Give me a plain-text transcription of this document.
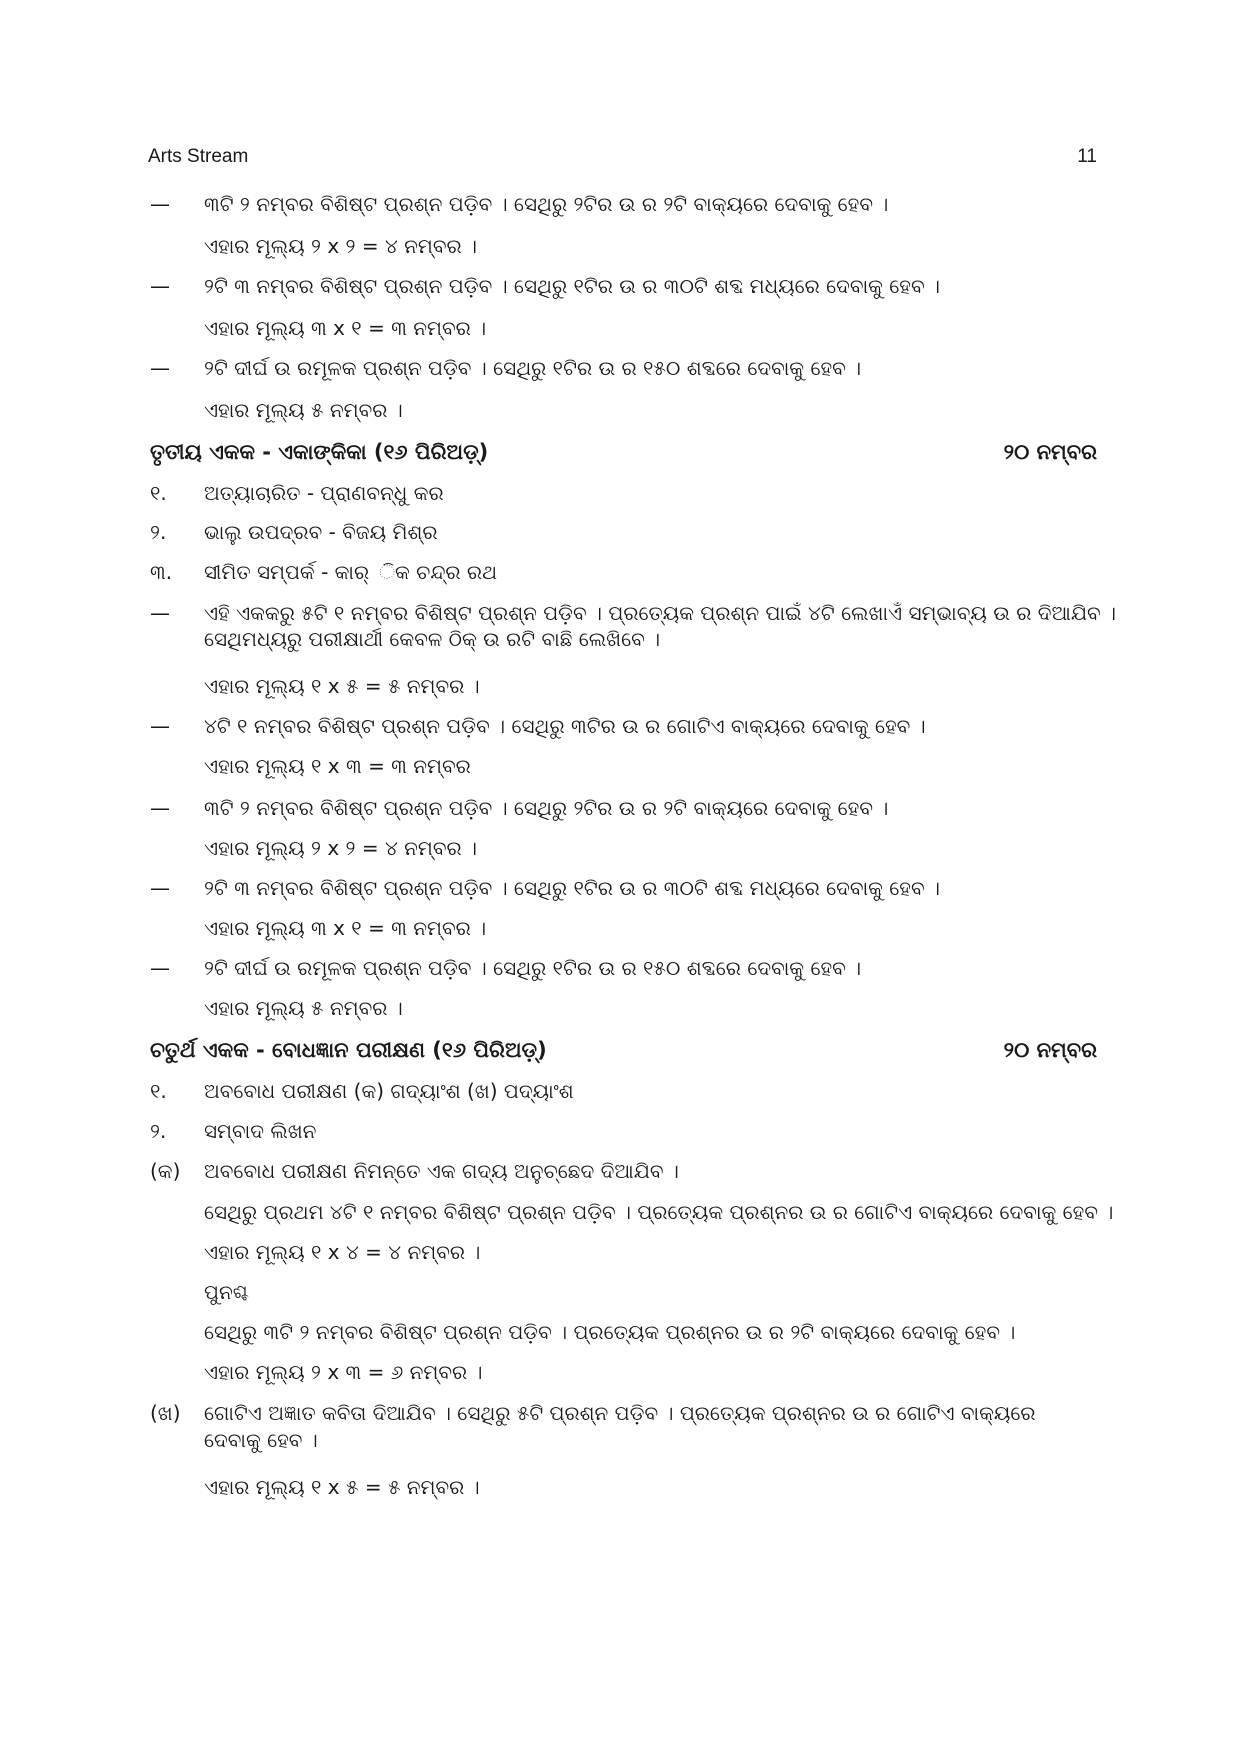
Arts Stream	11
— ୩ଟି ୨ ନମ୍ବର ବିଶିଷ୍ଟ ପ୍ରଶ୍ନ ପଡ଼ିବ । ସେଥିରୁ ୨ଟିର ଉ ର ୨ଟି ବାକ୍ୟରେ ଦେବାକୁ ହେବ ।
ଏହାର ମୂଲ୍ୟ ୨ x ୨ = ୪ ନମ୍ବର ।
— ୨ଟି ୩ ନମ୍ବର ବିଶିଷ୍ଟ ପ୍ରଶ୍ନ ପଡ଼ିବ । ସେଥିରୁ ୧ଟିର ଉ ର ୩୦ଟି ଶବ୍ଦ ମଧ୍ୟରେ ଦେବାକୁ ହେବ ।
ଏହାର ମୂଲ୍ୟ ୩ x ୧ = ୩ ନମ୍ବର ।
— ୨ଟି ଦୀର୍ଘ ଉ ରମୂଳକ ପ୍ରଶ୍ନ ପଡ଼ିବ । ସେଥିରୁ ୧ଟିର ଉ ର ୧୫୦ ଶବ୍ଦରେ ଦେବାକୁ ହେବ ।
ଏହାର ମୂଲ୍ୟ ୫ ନମ୍ବର ।
ତୃତୀୟ ଏକକ - ଏକାଙ୍କିକା (୧୬ ପିରିଅଡ଼୍)	୨୦ ନମ୍ବର
୧. ଅତ୍ୟାଚାରିତ - ପ୍ରାଣବନ୍ଧୁ କର
୨. ଭାଲୁ ଉପଦ୍ରବ - ବିଜୟ ମିଶ୍ର
୩. ସୀମିତ ସମ୍ପର୍କ - କାର୍ ିକ ଚନ୍ଦ୍ର ରଥ
— ଏହି ଏକକରୁ ୫ଟି ୧ ନମ୍ବର ବିଶିଷ୍ଟ ପ୍ରଶ୍ନ ପଡ଼ିବ । ପ୍ରତ୍ୟେକ ପ୍ରଶ୍ନ ପାଇଁ ୪ଟି ଲେଖାଏଁ ସମ୍ଭାବ୍ୟ ଉ ର ଦିଆଯିବ ।
ସେଥିମଧ୍ୟରୁ ପରୀକ୍ଷାର୍ଥୀ କେବଳ ଠିକ୍ ଉ ରଟି ବାଛି ଲେଖିବେ ।
ଏହାର ମୂଲ୍ୟ ୧ x ୫ = ୫ ନମ୍ବର ।
— ୪ଟି ୧ ନମ୍ବର ବିଶିଷ୍ଟ ପ୍ରଶ୍ନ ପଡ଼ିବ । ସେଥିରୁ ୩ଟିର ଉ ର ଗୋଟିଏ ବାକ୍ୟରେ ଦେବାକୁ ହେବ ।
ଏହାର ମୂଲ୍ୟ ୧ x ୩ = ୩ ନମ୍ବର
— ୩ଟି ୨ ନମ୍ବର ବିଶିଷ୍ଟ ପ୍ରଶ୍ନ ପଡ଼ିବ । ସେଥିରୁ ୨ଟିର ଉ ର ୨ଟି ବାକ୍ୟରେ ଦେବାକୁ ହେବ ।
ଏହାର ମୂଲ୍ୟ ୨ x ୨ = ୪ ନମ୍ବର ।
— ୨ଟି ୩ ନମ୍ବର ବିଶିଷ୍ଟ ପ୍ରଶ୍ନ ପଡ଼ିବ । ସେଥିରୁ ୧ଟିର ଉ ର ୩୦ଟି ଶବ୍ଦ ମଧ୍ୟରେ ଦେବାକୁ ହେବ ।
ଏହାର ମୂଲ୍ୟ ୩ x ୧ = ୩ ନମ୍ବର ।
— ୨ଟି ଦୀର୍ଘ ଉ ରମୂଳକ ପ୍ରଶ୍ନ ପଡ଼ିବ । ସେଥିରୁ ୧ଟିର ଉ ର ୧୫୦ ଶବ୍ଦରେ ଦେବାକୁ ହେବ ।
ଏହାର ମୂଲ୍ୟ ୫ ନମ୍ବର ।
ଚତୁର୍ଥ ଏକକ - ବୋଧଜ୍ଞାନ ପରୀକ୍ଷଣ (୧୬ ପିରିଅଡ଼୍)	୨୦ ନମ୍ବର
୧. ଅବବୋଧ ପରୀକ୍ଷଣ (କ) ଗଦ୍ୟାଂଶ (ଖ) ପଦ୍ୟାଂଶ
୨. ସମ୍ବାଦ ଲିଖନ
(କ) ଅବବୋଧ ପରୀକ୍ଷଣ ନିମନ୍ତେ ଏକ ଗଦ୍ୟ ଅନୁଚ୍ଛେଦ ଦିଆଯିବ ।
ସେଥିରୁ ପ୍ରଥମ ୪ଟି ୧ ନମ୍ବର ବିଶିଷ୍ଟ ପ୍ରଶ୍ନ ପଡ଼ିବ । ପ୍ରତ୍ୟେକ ପ୍ରଶ୍ନର ଉ ର ଗୋଟିଏ ବାକ୍ୟରେ ଦେବାକୁ ହେବ ।
ଏହାର ମୂଲ୍ୟ ୧ x ୪ = ୪ ନମ୍ବର ।
ପୁନଶ୍ଚ
ସେଥିରୁ ୩ଟି ୨ ନମ୍ବର ବିଶିଷ୍ଟ ପ୍ରଶ୍ନ ପଡ଼ିବ । ପ୍ରତ୍ୟେକ ପ୍ରଶ୍ନର ଉ ର ୨ଟି ବାକ୍ୟରେ ଦେବାକୁ ହେବ ।
ଏହାର ମୂଲ୍ୟ ୨ x ୩ = ୬ ନମ୍ବର ।
(ଖ) ଗୋଟିଏ ଅଜ୍ଞାତ କବିତା ଦିଆଯିବ । ସେଥିରୁ ୫ଟି ପ୍ରଶ୍ନ ପଡ଼ିବ । ପ୍ରତ୍ୟେକ ପ୍ରଶ୍ନର ଉ ର ଗୋଟିଏ ବାକ୍ୟରେ
ଦେବାକୁ ହେବ ।
ଏହାର ମୂଲ୍ୟ ୧ x ୫ = ୫ ନମ୍ବର ।
